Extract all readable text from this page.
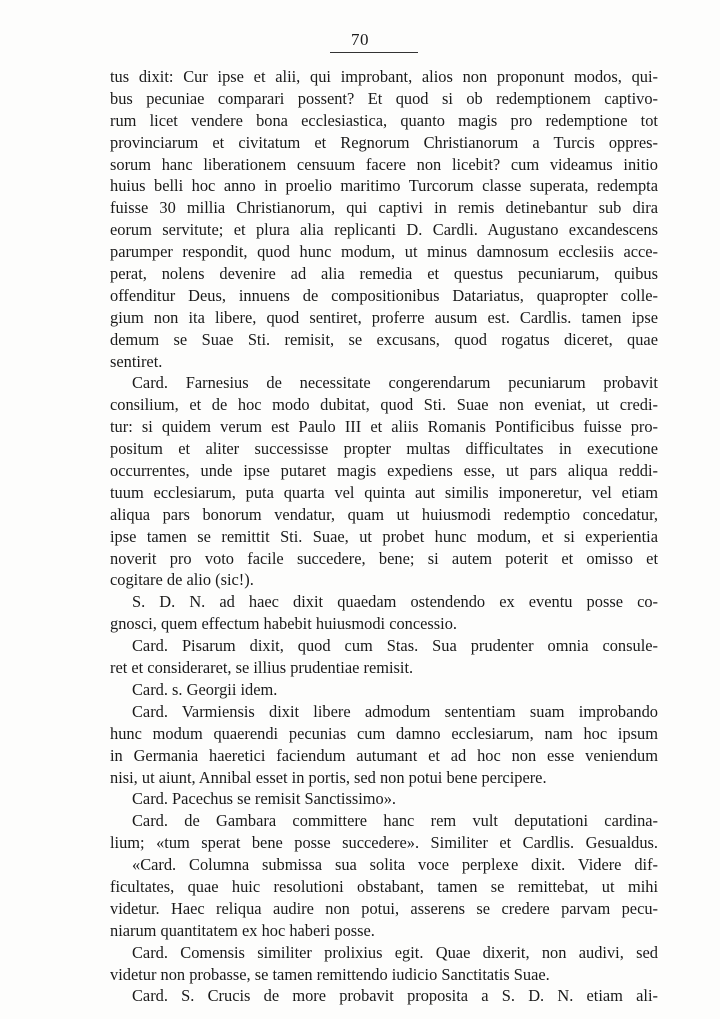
70
tus dixit: Cur ipse et alii, qui improbant, alios non proponunt modos, qui-
bus pecuniae comparari possent? Et quod si ob redemptionem captivo-
rum licet vendere bona ecclesiastica, quanto magis pro redemptione tot
provinciarum et civitatum et Regnorum Christianorum a Turcis oppres-
sorum hanc liberationem censuum facere non licebit? cum videamus initio
huius belli hoc anno in proelio maritimo Turcorum classe superata, redempta
fuisse 30 millia Christianorum, qui captivi in remis detinebantur sub dira
eorum servitute; et plura alia replicanti D. Cardli. Augustano excandescens
parumper respondit, quod hunc modum, ut minus damnosum ecclesiis acce-
perat, nolens devenire ad alia remedia et questus pecuniarum, quibus
offenditur Deus, innuens de compositionibus Datariatus, quapropter colle-
gium non ita libere, quod sentiret, proferre ausum est. Cardlis. tamen ipse
demum se Suae Sti. remisit, se excusans, quod rogatus diceret, quae
sentiret.
Card. Farnesius de necessitate congerendarum pecuniarum probavit
consilium, et de hoc modo dubitat, quod Sti. Suae non eveniat, ut credi-
tur: si quidem verum est Paulo III et aliis Romanis Pontificibus fuisse pro-
positum et aliter successisse propter multas difficultates in executione
occurrentes, unde ipse putaret magis expediens esse, ut pars aliqua reddi-
tuum ecclesiarum, puta quarta vel quinta aut similis imponeretur, vel etiam
aliqua pars bonorum vendatur, quam ut huiusmodi redemptio concedatur,
ipse tamen se remittit Sti. Suae, ut probet hunc modum, et si experientia
noverit pro voto facile succedere, bene; si autem poterit et omisso et
cogitare de alio (sic!).
S. D. N. ad haec dixit quaedam ostendendo ex eventu posse co-
gnosci, quem effectum habebit huiusmodi concessio.
Card. Pisarum dixit, quod cum Stas. Sua prudenter omnia consule-
ret et consideraret, se illius prudentiae remisit.
Card. s. Georgii idem.
Card. Varmiensis dixit libere admodum sententiam suam improbando
hunc modum quaerendi pecunias cum damno ecclesiarum, nam hoc ipsum
in Germania haeretici faciendum autumant et ad hoc non esse veniendum
nisi, ut aiunt, Annibal esset in portis, sed non potui bene percipere.
Card. Pacechus se remisit Sanctissimo».
Card. de Gambara committere hanc rem vult deputationi cardina-
lium; «tum sperat bene posse succedere». Similiter et Cardlis. Gesualdus.
«Card. Columna submissa sua solita voce perplexe dixit. Videre dif-
ficultates, quae huic resolutioni obstabant, tamen se remittebat, ut mihi
videtur. Haec reliqua audire non potui, asserens se credere parvam pecu-
niarum quantitatem ex hoc haberi posse.
Card. Comensis similiter prolixius egit. Quae dixerit, non audivi, sed
videtur non probasse, se tamen remittendo iudicio Sanctitatis Suae.
Card. S. Crucis de more probavit proposita a S. D. N. etiam ali-
